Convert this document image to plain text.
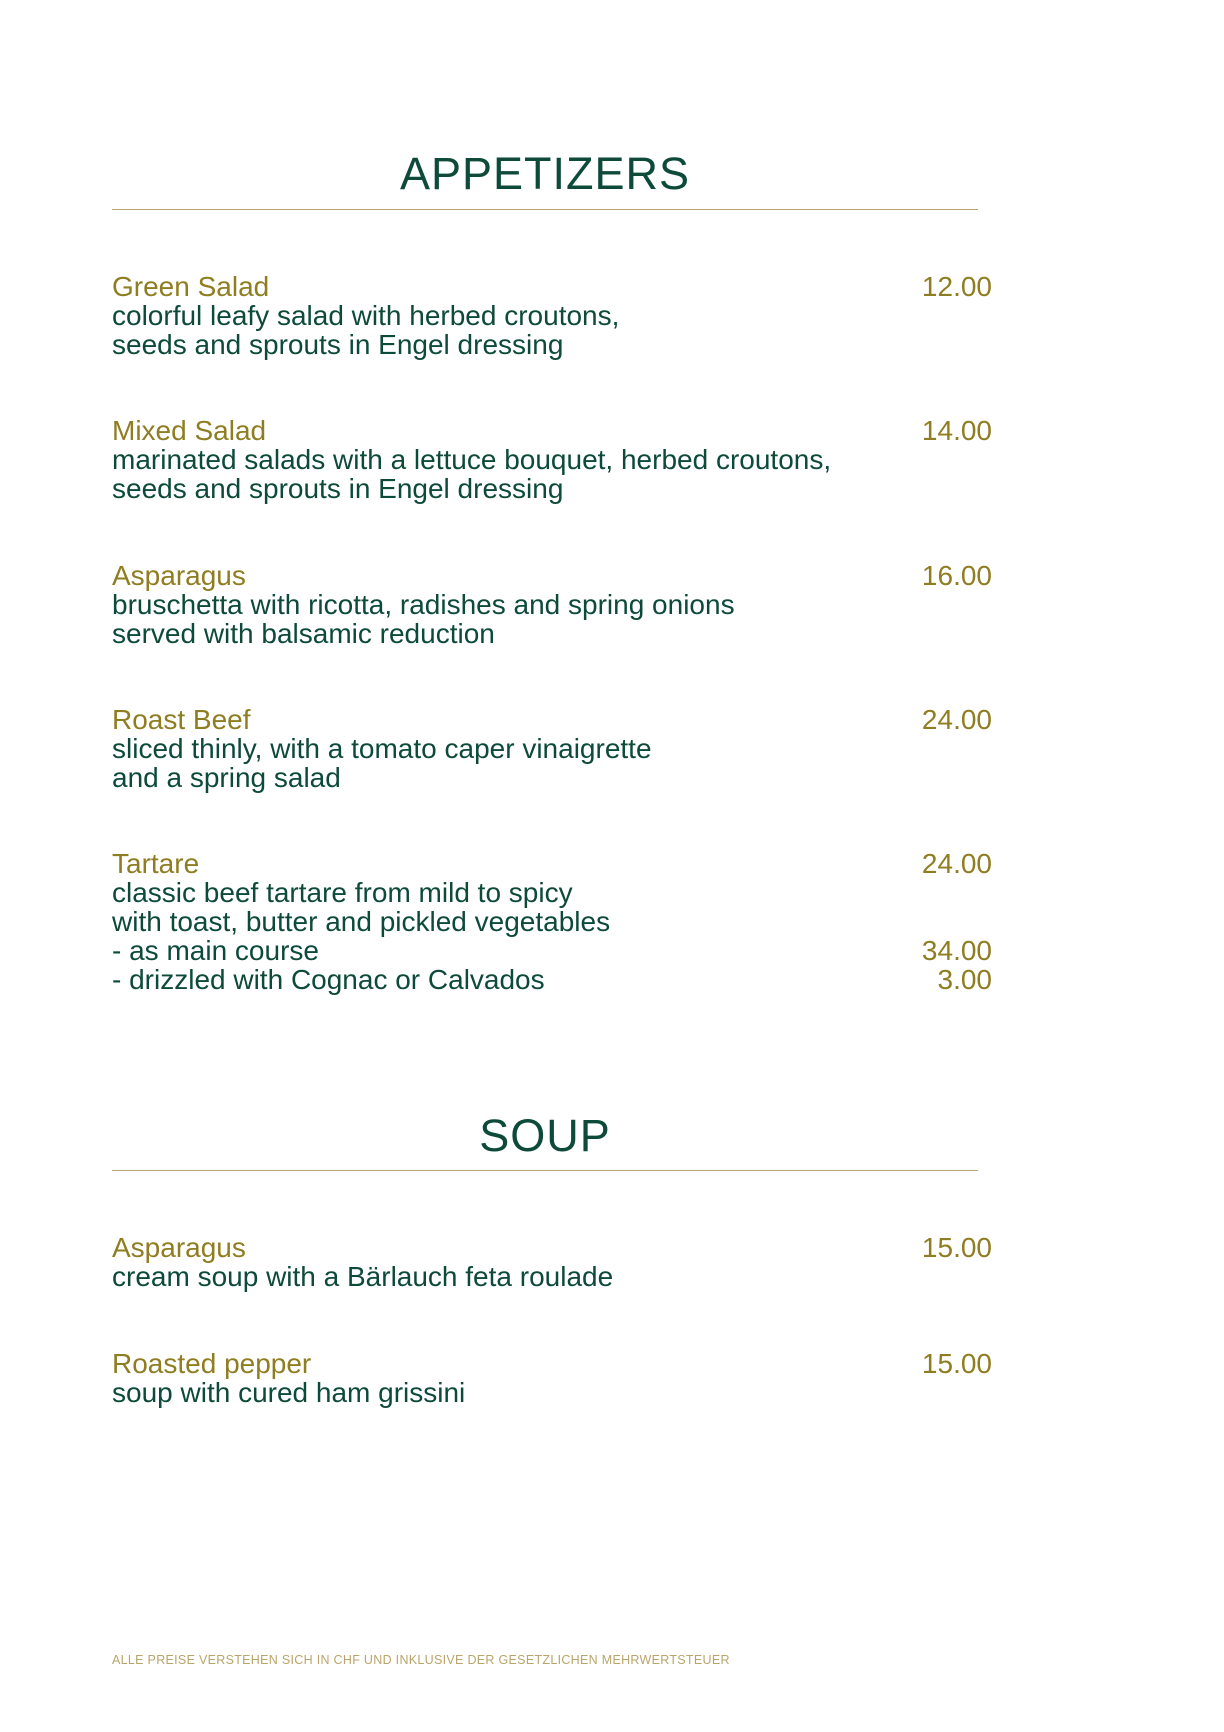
APPETIZERS
Green Salad	12.00
colorful leafy salad with herbed croutons,
seeds and sprouts in Engel dressing
Mixed Salad	14.00
marinated salads with a lettuce bouquet, herbed croutons,
seeds and sprouts in Engel dressing
Asparagus	16.00
bruschetta with ricotta, radishes and spring onions
served with balsamic reduction
Roast Beef	24.00
sliced thinly, with a tomato caper vinaigrette
and a spring salad
Tartare	24.00
classic beef tartare from mild to spicy
with toast, butter and pickled vegetables
- as main course	34.00
- drizzled with Cognac or Calvados	3.00
SOUP
Asparagus	15.00
cream soup with a Bärlauch feta roulade
Roasted pepper	15.00
soup with cured ham grissini
ALLE PREISE VERSTEHEN SICH IN CHF UND INKLUSIVE DER GESETZLICHEN MEHRWERTSTEUER
